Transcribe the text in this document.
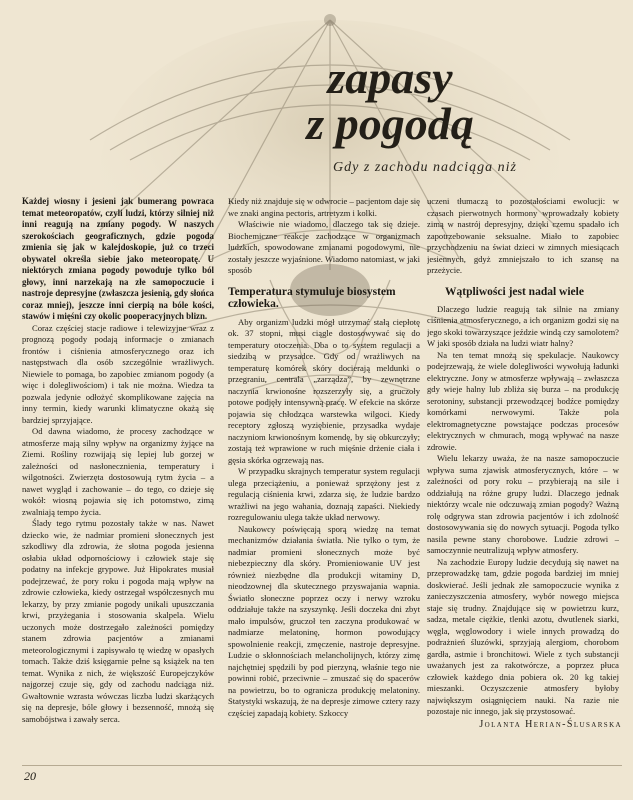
zapasy
z pogodą
Gdy z zachodu nadciąga niż

Każdej wiosny i jesieni jak bumerang powraca temat meteoropatów, czyli ludzi, którzy silniej niż inni reagują na zmiany pogody. W naszych szerokościach geograficznych, gdzie pogoda zmienia się jak w kalejdoskopie, już co trzeci obywatel określa siebie jako meteoropatę. U niektórych zmiana pogody powoduje tylko ból głowy, inni narzekają na złe samopoczucie i nastroje depresyjne (zwłaszcza jesienią, gdy słońca coraz mniej), jeszcze inni cierpią na bóle kości, stawów i mięśni czy okolic pooperacyjnych blizn.

Coraz częściej stacje radiowe i telewizyjne wraz z prognozą pogody podają informacje o zmianach frontów i ciśnienia atmosferycznego oraz ich następstwach dla osób szczególnie wrażliwych. Niewiele to pomaga, bo zapobiec zmianom pogody (a więc i dolegliwościom) i tak nie można. Wiedza ta pozwala jedynie odłożyć skomplikowane zajęcia na inny termin, kiedy warunki klimatyczne okażą się bardziej sprzyjające.

Od dawna wiadomo, że procesy zachodzące w atmosferze mają silny wpływ na organizmy żyjące na Ziemi. Rośliny rozwijają się lepiej lub gorzej w zależności od nasłonecznienia, temperatury i wilgotności. Zwierzęta dostosowują rytm życia – a nawet wygląd i zachowanie – do tego, co dzieje się wokół: wiosną pojawia się ich potomstwo, zimą zwalniają tempo życia.

Ślady tego rytmu pozostały także w nas. Nawet dziecko wie, że nadmiar promieni słonecznych jest szkodliwy dla zdrowia, że słotna pogoda jesienna osłabia układ odpornościowy i człowiek staje się podatny na infekcje grypowe. Już Hipokrates musiał podejrzewać, że pory roku i pogoda mają wpływ na zdrowie człowieka, kiedy ostrzegał współczesnych mu lekarzy, by przy zmianie pogody unikali upuszczania krwi, przyżegania i stosowania skalpela. Wielu uczonych może dostrzegało zależności pomiędzy stanem zdrowia pacjentów a zmianami meteorologicznymi i zapisywało tę wiedzę w opasłych tomach. Także dziś księgarnie pełne są książek na ten temat. Wynika z nich, że większość Europejczyków najgorzej czuje się, gdy od zachodu nadciąga niż. Gwałtownie wzrasta wówczas liczba ludzi skarżących się na depresje, bóle głowy i bezsenność, mnożą się samobójstwa i zawały serca.

Kiedy niż znajduje się w odwrocie – pacjentom daje się we znaki angina pectoris, artretyzm i kolki.

Właściwie nie wiadomo, dlaczego tak się dzieje. Biochemiczne reakcje zachodzące w organizmach ludzkich, spowodowane zmianami pogodowymi, nie zostały jeszcze wyjaśnione. Wiadomo natomiast, w jaki sposób

Temperatura stymuluje biosystem człowieka.

Aby organizm ludzki mógł utrzymać stałą ciepłotę ok. 37 stopni, musi ciągle dostosowywać się do temperatury otoczenia. Dba o to system regulacji a siedzibą w przysadce. Gdy od wrażliwych na temperaturę komórek skóry docierają meldunki o przegraniu, centrala „zarządza”, by zewnętrzne naczynia krwionośne rozszerzyły się, a gruczoły potowe podjęły intensywną pracę. W efekcie na skórze pojawia się chłodząca warstewka wilgoci. Kiedy receptory zgłoszą wyziębienie, przysadka wydaje naczyniom krwionośnym komendę, by się obkurczyły; zostają też wprawione w ruch mięśnie drżenie ciała i gęsia skórka ogrzewają nas.

W przypadku skrajnych temperatur system regulacji ulega przeciążeniu, a ponieważ sprzężony jest z regulacją ciśnienia krwi, zdarza się, że ludzie bardzo wrażliwi na jego wahania, doznają zapaści. Niekiedy rozregulowaniu ulega także układ nerwowy.

Naukowcy poświęcają sporą wiedzę na temat mechanizmów działania światła. Nie tylko o tym, że nadmiar promieni słonecznych może być niebezpieczny dla skóry. Promieniowanie UV jest również niezbędne dla produkcji witaminy D, nieodzownej dla skutecznego przyswajania wapnia. Światło słoneczne poprzez oczy i nerwy wzroku oddziałuje także na szyszynkę. Jeśli doczeka dni zbyt mało impulsów, gruczoł ten zaczyna produkować w nadmiarze melatoninę, hormon powodujący spowolnienie reakcji, zmęczenie, nastroje depresyjne. Ludzie o skłonnościach melancholijnych, którzy zimę najchętniej spędzili by pod pierzyną, właśnie tego nie powinni robić, przeciwnie – zmuszać się do spacerów na powietrzu, bo to ogranicza produkcję melatoniny. Statystyki wskazują, że na depresje zimowe cztery razy częściej zapadają kobiety. Szkoccy

uczeni tłumaczą to pozostałościami ewolucji: w czasach pierwotnych hormony wprowadzały kobiety zimą w nastrój depresyjny, dzięki czemu spadało ich zapotrzebowanie seksualne. Miało to zapobiec przychodzeniu na świat dzieci w zimnych miesiącach jesiennych, gdyż zmniejszało to ich szansę na przeżycie.

Wątpliwości jest nadal wiele

Dlaczego ludzie reagują tak silnie na zmiany ciśnienia atmosferycznego, a ich organizm godzi się na jego skoki towarzyszące jeździe windą czy samolotem? W jaki sposób działa na ludzi wiatr halny?

Na ten temat mnożą się spekulacje. Naukowcy podejrzewają, że wiele dolegliwości wywołują ładunki elektryczne. Jony w atmosferze wpływają – zwłaszcza gdy wieje halny lub zbliża się burza – na produkcję serotoniny, substancji przewodzącej bodźce pomiędzy komórkami nerwowymi. Także pola elektromagnetyczne powstające podczas procesów elektrycznych w chmurach, mogą wpływać na nasze zdrowie.

Wielu lekarzy uważa, że na nasze samopoczucie wpływa suma zjawisk atmosferycznych, które – w zależności od pory roku – przybierają na sile i oddziałują na różne grupy ludzi. Dlaczego jednak niektórzy wcale nie odczuwają zmian pogody? Ważną rolę odgrywa stan zdrowia pacjentów i ich zdolność dostosowywania się do nowych sytuacji. Pogoda tylko nasila pewne stany chorobowe. Ludzie zdrowi – samoczynnie neutralizują wpływ atmosfery.

Na zachodzie Europy ludzie decydują się nawet na przeprowadzkę tam, gdzie pogoda bardziej im mniej doskwierać. Jeśli jednak złe samopoczucie wynika z zanieczyszczenia atmosfery, wybór nowego miejsca staje się trudny. Znajdujące się w powietrzu kurz, sadza, metale ciężkie, tlenki azotu, dwutlenek siarki, węgla, węglowodory i wiele innych prowadzą do podrażnień śluzówki, sprzyjają alergiom, chorobom gardła, astmie i bronchitowi. Wiele z tych substancji uważanych jest za rakotwórcze, a poprzez płuca człowiek każdego dnia pobiera ok. 20 kg takiej mieszanki. Oczyszczenie atmosfery byłoby największym osiągnięciem nauki. Na razie nie pozostaje nic innego, jak się przystosować.

Jolanta Herian-Ślusarska
20
